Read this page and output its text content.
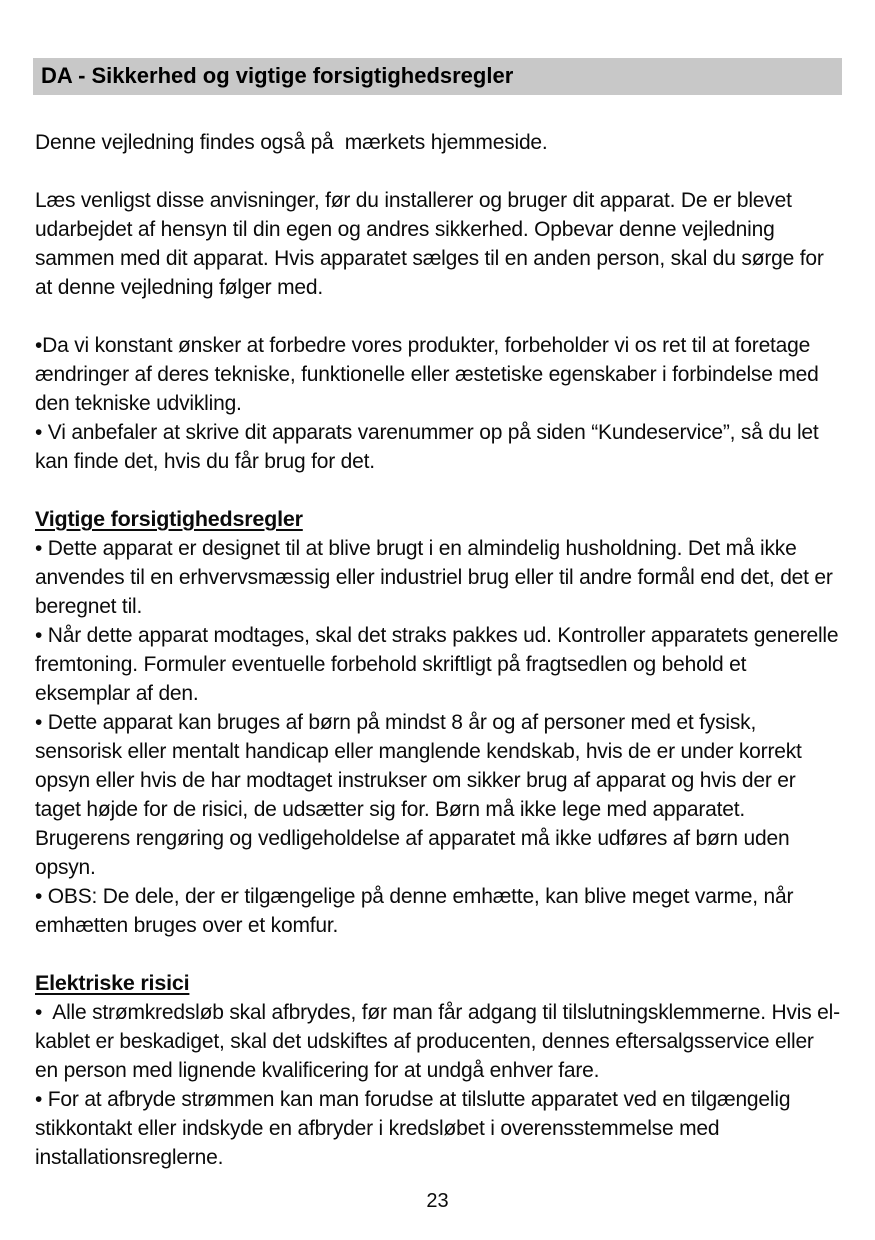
DA - Sikkerhed og vigtige forsigtighedsregler

Denne vejledning findes også på  mærkets hjemmeside.

Læs venligst disse anvisninger, før du installerer og bruger dit apparat. De er blevet udarbejdet af hensyn til din egen og andres sikkerhed. Opbevar denne vejledning sammen med dit apparat. Hvis apparatet sælges til en anden person, skal du sørge for at denne vejledning følger med.

•Da vi konstant ønsker at forbedre vores produkter, forbeholder vi os ret til at foretage ændringer af deres tekniske, funktionelle eller æstetiske egenskaber i forbindelse med den tekniske udvikling.

• Vi anbefaler at skrive dit apparats varenummer op på siden “Kundeservice”, så du let kan finde det, hvis du får brug for det.

Vigtige forsigtighedsregler

• Dette apparat er designet til at blive brugt i en almindelig husholdning. Det må ikke anvendes til en erhvervsmæssig eller industriel brug eller til andre formål end det, det er beregnet til.

• Når dette apparat modtages, skal det straks pakkes ud. Kontroller apparatets generelle fremtoning. Formuler eventuelle forbehold skriftligt på fragtsedlen og behold et eksemplar af den.

• Dette apparat kan bruges af børn på mindst 8 år og af personer med et fysisk, sensorisk eller mentalt handicap eller manglende kendskab, hvis de er under korrekt opsyn eller hvis de har modtaget instrukser om sikker brug af apparat og hvis der er taget højde for de risici, de udsætter sig for. Børn må ikke lege med apparatet. Brugerens rengøring og vedligeholdelse af apparatet må ikke udføres af børn uden opsyn.

• OBS: De dele, der er tilgængelige på denne emhætte, kan blive meget varme, når emhætten bruges over et komfur.

Elektriske risici

•  Alle strømkredsløb skal afbrydes, før man får adgang til tilslutningsklemmerne. Hvis el-kablet er beskadiget, skal det udskiftes af producenten, dennes eftersalgsservice eller en person med lignende kvalificering for at undgå enhver fare.

• For at afbryde strømmen kan man forudse at tilslutte apparatet ved en tilgængelig stikkontakt eller indskyde en afbryder i kredsløbet i overensstemmelse med installationsreglerne.

23
